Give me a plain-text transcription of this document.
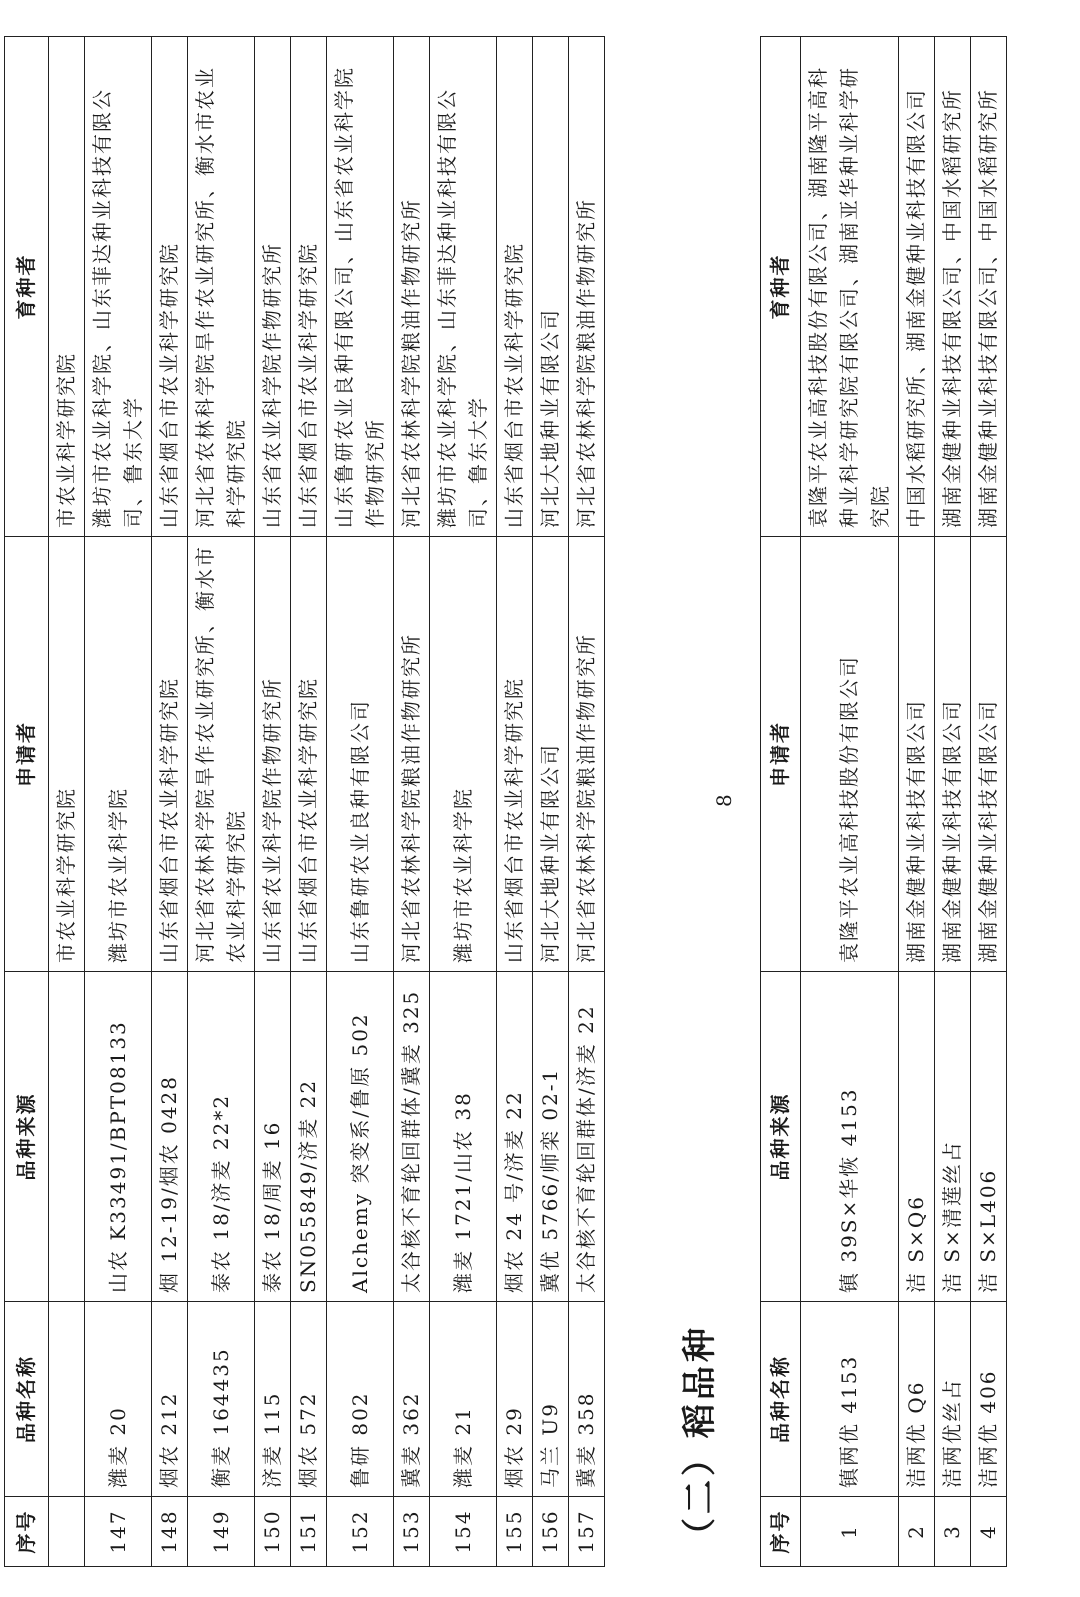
序号	品种名称	品种来源	申请者	育种者
			市农业科学研究院	市农业科学研究院
147	潍麦 20	山农 K33491/BPT08133	潍坊市农业科学院	潍坊市农业科学院、山东菲达种业科技有限公司、鲁东大学
148	烟农 212	烟 12-19/烟农 0428	山东省烟台市农业科学研究院	山东省烟台市农业科学研究院
149	衡麦 164435	泰农 18/济麦 22*2	河北省农林科学院旱作农业研究所、衡水市农业科学研究院	河北省农林科学院旱作农业研究所、衡水市农业科学研究院
150	济麦 115	泰农 18/周麦 16	山东省农业科学院作物研究所	山东省农业科学院作物研究所
151	烟农 572	SN055849/济麦 22	山东省烟台市农业科学研究院	山东省烟台市农业科学研究院
152	鲁研 802	Alchemy 突变系/鲁原 502	山东鲁研农业良种有限公司	山东鲁研农业良种有限公司、山东省农业科学院作物研究所
153	冀麦 362	太谷核不育轮回群体/冀麦 325	河北省农林科学院粮油作物研究所	河北省农林科学院粮油作物研究所
154	潍麦 21	潍麦 1721/山农 38	潍坊市农业科学院	潍坊市农业科学院、山东菲达种业科技有限公司、鲁东大学
155	烟农 29	烟农 24 号/济麦 22	山东省烟台市农业科学研究院	山东省烟台市农业科学研究院
156	马兰 U9	冀优 5766/师栾 02-1	河北大地种业有限公司	河北大地种业有限公司
157	冀麦 358	太谷核不育轮回群体/济麦 22	河北省农林科学院粮油作物研究所	河北省农林科学院粮油作物研究所
（二）稻品种 序号	品种名称	品种来源	申请者	育种者
1	镇两优 4153	镇 39S×华恢 4153	袁隆平农业高科技股份有限公司	袁隆平农业高科技股份有限公司、湖南隆平高科种业科学研究院有限公司、湖南亚华种业科学研究院
2	洁两优 Q6	洁 S×Q6	湖南金健种业科技有限公司	中国水稻研究所、湖南金健种业科技有限公司
3	洁两优丝占	洁 S×清莲丝占	湖南金健种业科技有限公司	湖南金健种业科技有限公司、中国水稻研究所
4	洁两优 406	洁 S×L406	湖南金健种业科技有限公司	湖南金健种业科技有限公司、中国水稻研究所
8
